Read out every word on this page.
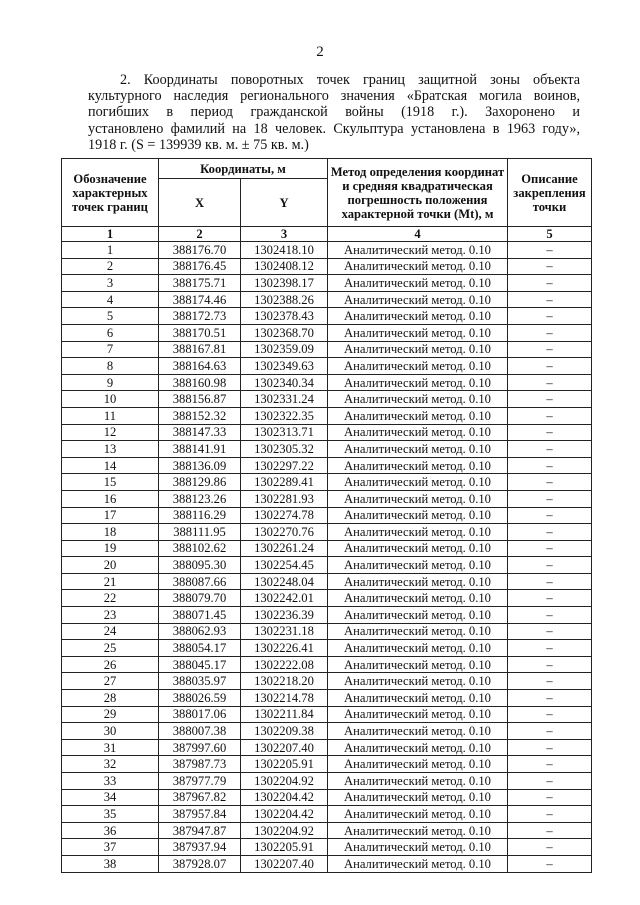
2
2. Координаты поворотных точек границ защитной зоны объекта
культурного наследия регионального значения «Братская могила воинов,
погибших в период гражданской войны (1918 г.). Захоронено и
установлено фамилий на 18 человек. Скульптура установлена в 1963 году»,
1918 г. (S = 139939 кв. м. ± 75 кв. м.)
Обозначение характерных точек границ	Координаты, м		Метод определения координат и средняя квадратическая погрешность положения характерной точки (Mt), м	Описание закрепления точки
	X	Y		
1	2	3	4	5
1	388176.70	1302418.10	Аналитический метод. 0.10	–
2	388176.45	1302408.12	Аналитический метод. 0.10	–
3	388175.71	1302398.17	Аналитический метод. 0.10	–
4	388174.46	1302388.26	Аналитический метод. 0.10	–
5	388172.73	1302378.43	Аналитический метод. 0.10	–
6	388170.51	1302368.70	Аналитический метод. 0.10	–
7	388167.81	1302359.09	Аналитический метод. 0.10	–
8	388164.63	1302349.63	Аналитический метод. 0.10	–
9	388160.98	1302340.34	Аналитический метод. 0.10	–
10	388156.87	1302331.24	Аналитический метод. 0.10	–
11	388152.32	1302322.35	Аналитический метод. 0.10	–
12	388147.33	1302313.71	Аналитический метод. 0.10	–
13	388141.91	1302305.32	Аналитический метод. 0.10	–
14	388136.09	1302297.22	Аналитический метод. 0.10	–
15	388129.86	1302289.41	Аналитический метод. 0.10	–
16	388123.26	1302281.93	Аналитический метод. 0.10	–
17	388116.29	1302274.78	Аналитический метод. 0.10	–
18	388111.95	1302270.76	Аналитический метод. 0.10	–
19	388102.62	1302261.24	Аналитический метод. 0.10	–
20	388095.30	1302254.45	Аналитический метод. 0.10	–
21	388087.66	1302248.04	Аналитический метод. 0.10	–
22	388079.70	1302242.01	Аналитический метод. 0.10	–
23	388071.45	1302236.39	Аналитический метод. 0.10	–
24	388062.93	1302231.18	Аналитический метод. 0.10	–
25	388054.17	1302226.41	Аналитический метод. 0.10	–
26	388045.17	1302222.08	Аналитический метод. 0.10	–
27	388035.97	1302218.20	Аналитический метод. 0.10	–
28	388026.59	1302214.78	Аналитический метод. 0.10	–
29	388017.06	1302211.84	Аналитический метод. 0.10	–
30	388007.38	1302209.38	Аналитический метод. 0.10	–
31	387997.60	1302207.40	Аналитический метод. 0.10	–
32	387987.73	1302205.91	Аналитический метод. 0.10	–
33	387977.79	1302204.92	Аналитический метод. 0.10	–
34	387967.82	1302204.42	Аналитический метод. 0.10	–
35	387957.84	1302204.42	Аналитический метод. 0.10	–
36	387947.87	1302204.92	Аналитический метод. 0.10	–
37	387937.94	1302205.91	Аналитический метод. 0.10	–
38	387928.07	1302207.40	Аналитический метод. 0.10	–
